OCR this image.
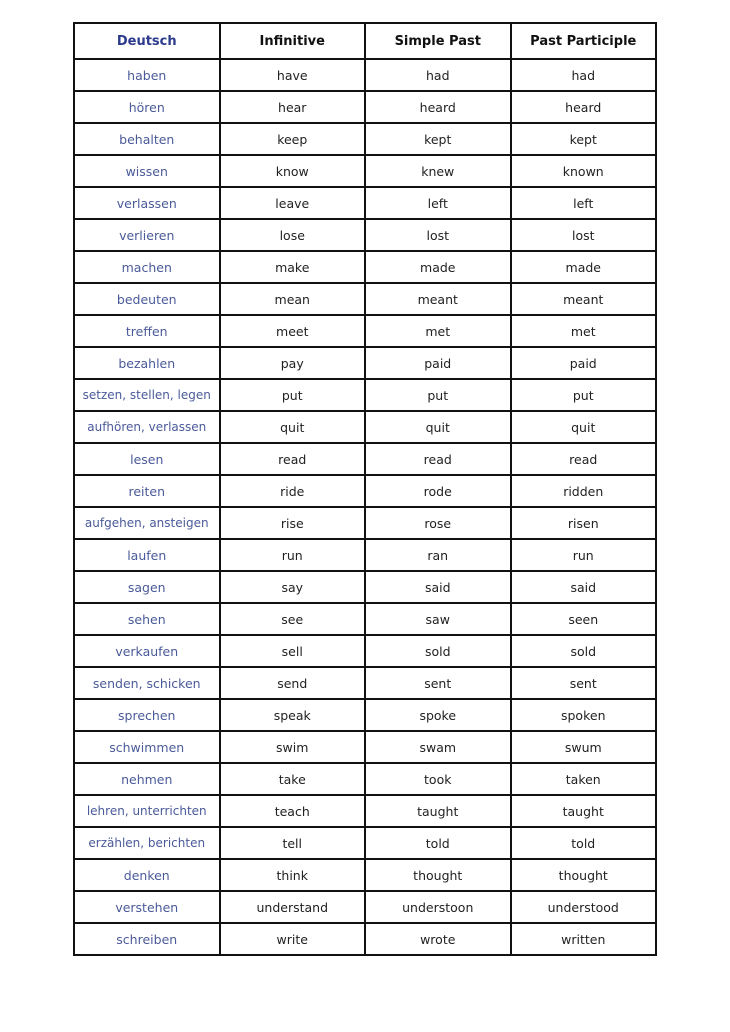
Deutsch	Infinitive	Simple Past	Past Participle
haben	have	had	had
hören	hear	heard	heard
behalten	keep	kept	kept
wissen	know	knew	known
verlassen	leave	left	left
verlieren	lose	lost	lost
machen	make	made	made
bedeuten	mean	meant	meant
treffen	meet	met	met
bezahlen	pay	paid	paid
setzen, stellen, legen	put	put	put
aufhören, verlassen	quit	quit	quit
lesen	read	read	read
reiten	ride	rode	ridden
aufgehen, ansteigen	rise	rose	risen
laufen	run	ran	run
sagen	say	said	said
sehen	see	saw	seen
verkaufen	sell	sold	sold
senden, schicken	send	sent	sent
sprechen	speak	spoke	spoken
schwimmen	swim	swam	swum
nehmen	take	took	taken
lehren, unterrichten	teach	taught	taught
erzählen, berichten	tell	told	told
denken	think	thought	thought
verstehen	understand	understoon	understood
schreiben	write	wrote	written
